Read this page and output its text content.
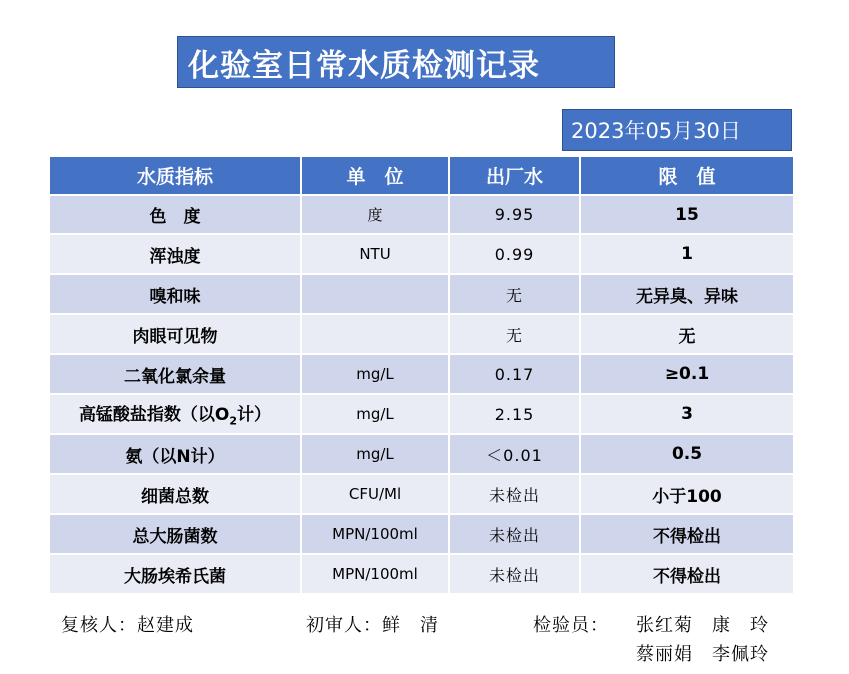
化验室日常水质检测记录
2023年05月30日
水质指标	单　位	出厂水	限　值
色　度	度	9.95	15
浑浊度	NTU	0.99	1
嗅和味		无	无异臭、异味
肉眼可见物		无	无
二氧化氯余量	mg/L	0.17	≥0.1
高锰酸盐指数（以$O_2$计）	mg/L	2.15	3
氨（以N计）	mg/L	＜0.01	0.5
细菌总数	CFU/Ml	未检出	小于100
总大肠菌数	MPN/100ml	未检出	不得检出
大肠埃希氏菌	MPN/100ml	未检出	不得检出
复核人：赵建成	初审人：鲜　清	检验员： 张红菊　康　玲
蔡丽娟　李佩玲
